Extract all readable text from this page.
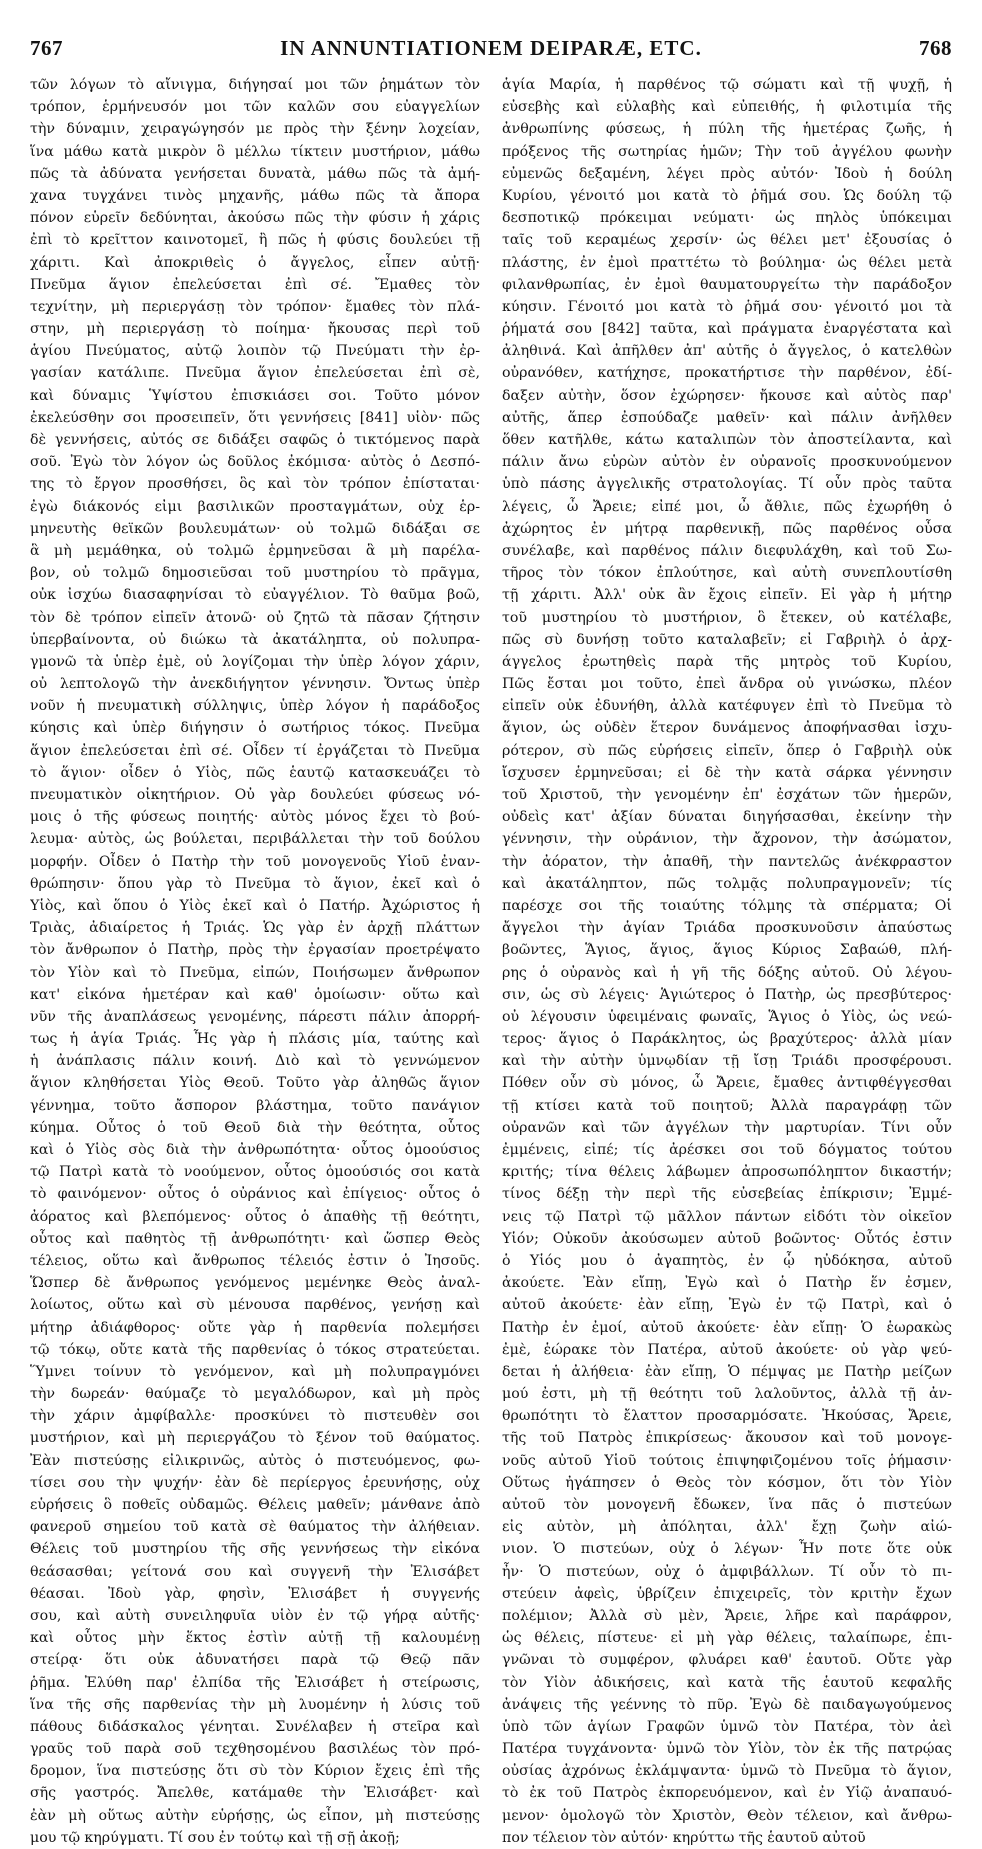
767	IN ANNUNTIATIONEM DEIPARÆ, ETC.	768
τῶν λόγων τὸ αἴνιγμα, διήγησαί μοι τῶν ῥημάτων τὸν
τρόπον, ἑρμήνευσόν μοι τῶν καλῶν σου εὐαγγελίων
τὴν δύναμιν, χειραγώγησόν με πρὸς τὴν ξένην λοχείαν,
ἵνα μάθω κατὰ μικρὸν ὃ μέλλω τίκτειν μυστήριον, μάθω
πῶς τὰ ἀδύνατα γενήσεται δυνατὰ, μάθω πῶς τὰ ἀμή-
χανα τυγχάνει τινὸς μηχανῆς, μάθω πῶς τὰ ἄπορα
πόνον εὑρεῖν δεδύνηται, ἀκούσω πῶς τὴν φύσιν ἡ χάρις
ἐπὶ τὸ κρεῖττον καινοτομεῖ, ἢ πῶς ἡ φύσις δουλεύει τῇ
χάριτι. Καὶ ἀποκριθεὶς ὁ ἄγγελος, εἶπεν αὐτῇ·
Πνεῦμα ἅγιον ἐπελεύσεται ἐπὶ σέ. Ἔμαθες τὸν
τεχνίτην, μὴ περιεργάσῃ τὸν τρόπον· ἔμαθες τὸν πλά-
στην, μὴ περιεργάσῃ τὸ ποίημα· ἤκουσας περὶ τοῦ
ἁγίου Πνεύματος, αὐτῷ λοιπὸν τῷ Πνεύματι τὴν ἐρ-
γασίαν κατάλιπε. Πνεῦμα ἅγιον ἐπελεύσεται ἐπὶ σὲ,
καὶ δύναμις Ὑψίστου ἐπισκιάσει σοι. Τοῦτο μόνον
ἐκελεύσθην σοι προσειπεῖν, ὅτι γεννήσεις [841] υἱὸν· πῶς
δὲ γεννήσεις, αὐτός σε διδάξει σαφῶς ὁ τικτόμενος παρὰ
σοῦ. Ἐγὼ τὸν λόγον ὡς δοῦλος ἐκόμισα· αὐτὸς ὁ Δεσπό-
της τὸ ἔργον προσθήσει, ὃς καὶ τὸν τρόπον ἐπίσταται·
ἐγὼ διάκονός εἰμι βασιλικῶν προσταγμάτων, οὐχ ἑρ-
μηνευτὴς θεϊκῶν βουλευμάτων· οὐ τολμῶ διδάξαι σε
ἃ μὴ μεμάθηκα, οὐ τολμῶ ἑρμηνεῦσαι ἃ μὴ παρέλα-
βον, οὐ τολμῶ δημοσιεῦσαι τοῦ μυστηρίου τὸ πρᾶγμα,
οὐκ ἰσχύω διασαφηνίσαι τὸ εὐαγγέλιον. Τὸ θαῦμα βοῶ,
τὸν δὲ τρόπον εἰπεῖν ἀτονῶ· οὐ ζητῶ τὰ πᾶσαν ζήτησιν
ὑπερβαίνοντα, οὐ διώκω τὰ ἀκατάληπτα, οὐ πολυπρα-
γμονῶ τὰ ὑπὲρ ἐμὲ, οὐ λογίζομαι τὴν ὑπὲρ λόγον χάριν,
οὐ λεπτολογῶ τὴν ἀνεκδιήγητον γέννησιν. Ὄντως ὑπὲρ
νοῦν ἡ πνευματικὴ σύλληψις, ὑπὲρ λόγον ἡ παράδοξος
κύησις καὶ ὑπὲρ διήγησιν ὁ σωτήριος τόκος. Πνεῦμα
ἅγιον ἐπελεύσεται ἐπὶ σέ. Οἶδεν τί ἐργάζεται τὸ Πνεῦμα
τὸ ἅγιον· οἶδεν ὁ Υἱὸς, πῶς ἑαυτῷ κατασκευάζει τὸ
πνευματικὸν οἰκητήριον. Οὐ γὰρ δουλεύει φύσεως νό-
μοις ὁ τῆς φύσεως ποιητής· αὐτὸς μόνος ἔχει τὸ βού-
λευμα· αὐτὸς, ὡς βούλεται, περιβάλλεται τὴν τοῦ δούλου
μορφήν. Οἶδεν ὁ Πατὴρ τὴν τοῦ μονογενοῦς Υἱοῦ ἐναν-
θρώπησιν· ὅπου γὰρ τὸ Πνεῦμα τὸ ἅγιον, ἐκεῖ καὶ ὁ
Υἱὸς, καὶ ὅπου ὁ Υἱὸς ἐκεῖ καὶ ὁ Πατήρ. Ἀχώριστος ἡ
Τριὰς, ἀδιαίρετος ἡ Τριάς. Ὡς γὰρ ἐν ἀρχῇ πλάττων
τὸν ἄνθρωπον ὁ Πατὴρ, πρὸς τὴν ἐργασίαν προετρέψατο
τὸν Υἱὸν καὶ τὸ Πνεῦμα, εἰπών, Ποιήσωμεν ἄνθρωπον
κατ' εἰκόνα ἡμετέραν καὶ καθ' ὁμοίωσιν· οὕτω καὶ
νῦν τῆς ἀναπλάσεως γενομένης, πάρεστι πάλιν ἀπορρή-
τως ἡ ἁγία Τριάς. Ἧς γὰρ ἡ πλάσις μία, ταύτης καὶ
ἡ ἀνάπλασις πάλιν κοινή. Διὸ καὶ τὸ γεννώμενον
ἅγιον κληθήσεται Υἱὸς Θεοῦ. Τοῦτο γὰρ ἀληθῶς ἅγιον
γέννημα, τοῦτο ἄσπορον βλάστημα, τοῦτο πανάγιον
κύημα. Οὗτος ὁ τοῦ Θεοῦ διὰ τὴν θεότητα, οὗτος
καὶ ὁ Υἱὸς σὸς διὰ τὴν ἀνθρωπότητα· οὗτος ὁμοούσιος
τῷ Πατρὶ κατὰ τὸ νοούμενον, οὗτος ὁμοούσιός σοι κατὰ
τὸ φαινόμενον· οὗτος ὁ οὐράνιος καὶ ἐπίγειος· οὗτος ὁ
ἀόρατος καὶ βλεπόμενος· οὗτος ὁ ἀπαθὴς τῇ θεότητι,
οὗτος καὶ παθητὸς τῇ ἀνθρωπότητι· καὶ ὥσπερ Θεὸς
τέλειος, οὕτω καὶ ἄνθρωπος τέλειός ἐστιν ὁ Ἰησοῦς.
Ὥσπερ δὲ ἄνθρωπος γενόμενος μεμένηκε Θεὸς ἀναλ-
λοίωτος, οὕτω καὶ σὺ μένουσα παρθένος, γενήσῃ καὶ
μήτηρ ἀδιάφθορος· οὔτε γὰρ ἡ παρθενία πολεμήσει
τῷ τόκῳ, οὔτε κατὰ τῆς παρθενίας ὁ τόκος στρατεύεται.
Ὕμνει τοίνυν τὸ γενόμενον, καὶ μὴ πολυπραγμόνει
τὴν δωρεάν· θαύμαζε τὸ μεγαλόδωρον, καὶ μὴ πρὸς
τὴν χάριν ἀμφίβαλλε· προσκύνει τὸ πιστευθὲν σοι
μυστήριον, καὶ μὴ περιεργάζου τὸ ξένον τοῦ θαύματος.
Ἐὰν πιστεύσῃς εἰλικρινῶς, αὐτὸς ὁ πιστευόμενος, φω-
τίσει σου τὴν ψυχήν· ἐὰν δὲ περίεργος ἐρευνήσῃς, οὐχ
εὑρήσεις ὃ ποθεῖς οὐδαμῶς. Θέλεις μαθεῖν; μάνθανε ἀπὸ
φανεροῦ σημείου τοῦ κατὰ σὲ θαύματος τὴν ἀλήθειαν.
Θέλεις τοῦ μυστηρίου τῆς σῆς γεννήσεως τὴν εἰκόνα
θεάσασθαι; γείτονά σου καὶ συγγενῆ τὴν Ἐλισάβετ
θέασαι. Ἰδοὺ γὰρ, φησὶν, Ἐλισάβετ ἡ συγγενής
σου, καὶ αὐτὴ συνειληφυῖα υἱὸν ἐν τῷ γήρᾳ αὐτῆς·
καὶ οὗτος μὴν ἕκτος ἐστὶν αὐτῇ τῇ καλουμένῃ
στείρᾳ· ὅτι οὐκ ἀδυνατήσει παρὰ τῷ Θεῷ πᾶν
ῥῆμα. Ἐλύθη παρ' ἐλπίδα τῆς Ἐλισάβετ ἡ στείρωσις,
ἵνα τῆς σῆς παρθενίας τὴν μὴ λυομένην ἡ λύσις τοῦ
πάθους διδάσκαλος γένηται. Συνέλαβεν ἡ στεῖρα καὶ
γραῦς τοῦ παρὰ σοῦ τεχθησομένου βασιλέως τὸν πρό-
δρομον, ἵνα πιστεύσῃς ὅτι σὺ τὸν Κύριον ἔχεις ἐπὶ τῆς
σῆς γαστρός. Ἄπελθε, κατάμαθε τὴν Ἐλισάβετ· καὶ
ἐὰν μὴ οὕτως αὐτὴν εὑρήσῃς, ὡς εἶπον, μὴ πιστεύσῃς
μου τῷ κηρύγματι. Τί σου ἐν τούτῳ καὶ τῇ σῇ ἀκοῇ;
ἁγία Μαρία, ἡ παρθένος τῷ σώματι καὶ τῇ ψυχῇ, ἡ
εὐσεβὴς καὶ εὐλαβὴς καὶ εὐπειθής, ἡ φιλοτιμία τῆς
ἀνθρωπίνης φύσεως, ἡ πύλη τῆς ἡμετέρας ζωῆς, ἡ
πρόξενος τῆς σωτηρίας ἡμῶν; Τὴν τοῦ ἀγγέλου φωνὴν
εὐμενῶς δεξαμένη, λέγει πρὸς αὐτόν· Ἰδοὺ ἡ δούλη
Κυρίου, γένοιτό μοι κατὰ τὸ ῥῆμά σου. Ὡς δούλη τῷ
δεσποτικῷ πρόκειμαι νεύματι· ὡς πηλὸς ὑπόκειμαι
ταῖς τοῦ κεραμέως χερσίν· ὡς θέλει μετ' ἐξουσίας ὁ
πλάστης, ἐν ἐμοὶ πραττέτω τὸ βούλημα· ὡς θέλει μετὰ
φιλανθρωπίας, ἐν ἐμοὶ θαυματουργείτω τὴν παράδοξον
κύησιν. Γένοιτό μοι κατὰ τὸ ῥῆμά σου· γένοιτό μοι τὰ
ῥήματά σου [842] ταῦτα, καὶ πράγματα ἐναργέστατα καὶ
ἀληθινά. Καὶ ἀπῆλθεν ἀπ' αὐτῆς ὁ ἄγγελος, ὁ κατελθὼν
οὐρανόθεν, κατήχησε, προκατήρτισε τὴν παρθένον, ἐδί-
δαξεν αὐτὴν, ὅσον ἐχώρησεν· ἤκουσε καὶ αὐτὸς παρ'
αὐτῆς, ἅπερ ἐσπούδαζε μαθεῖν· καὶ πάλιν ἀνῆλθεν
ὅθεν κατῆλθε, κάτω καταλιπὼν τὸν ἀποστείλαντα, καὶ
πάλιν ἄνω εὑρὼν αὐτὸν ἐν οὐρανοῖς προσκυνούμενον
ὑπὸ πάσης ἀγγελικῆς στρατολογίας. Τί οὖν πρὸς ταῦτα
λέγεις, ὦ Ἄρειε; εἰπέ μοι, ὦ ἄθλιε, πῶς ἐχωρήθη ὁ
ἀχώρητος ἐν μήτρᾳ παρθενικῇ, πῶς παρθένος οὖσα
συνέλαβε, καὶ παρθένος πάλιν διεφυλάχθη, καὶ τοῦ Σω-
τῆρος τὸν τόκον ἐπλούτησε, καὶ αὐτὴ συνεπλουτίσθη
τῇ χάριτι. Ἀλλ' οὐκ ἂν ἔχοις εἰπεῖν. Εἰ γὰρ ἡ μήτηρ
τοῦ μυστηρίου τὸ μυστήριον, ὃ ἔτεκεν, οὐ κατέλαβε,
πῶς σὺ δυνήσῃ τοῦτο καταλαβεῖν; εἰ Γαβριὴλ ὁ ἀρχ-
άγγελος ἐρωτηθεὶς παρὰ τῆς μητρὸς τοῦ Κυρίου,
Πῶς ἔσται μοι τοῦτο, ἐπεὶ ἄνδρα οὐ γινώσκω, πλέον
εἰπεῖν οὐκ ἐδυνήθη, ἀλλὰ κατέφυγεν ἐπὶ τὸ Πνεῦμα τὸ
ἅγιον, ὡς οὐδὲν ἕτερον δυνάμενος ἀποφήνασθαι ἰσχυ-
ρότερον, σὺ πῶς εὑρήσεις εἰπεῖν, ὅπερ ὁ Γαβριὴλ οὐκ
ἴσχυσεν ἑρμηνεῦσαι; εἰ δὲ τὴν κατὰ σάρκα γέννησιν
τοῦ Χριστοῦ, τὴν γενομένην ἐπ' ἐσχάτων τῶν ἡμερῶν,
οὐδεὶς κατ' ἀξίαν δύναται διηγήσασθαι, ἐκείνην τὴν
γέννησιν, τὴν οὐράνιον, τὴν ἄχρονον, τὴν ἀσώματον,
τὴν ἀόρατον, τὴν ἀπαθῆ, τὴν παντελῶς ἀνέκφραστον
καὶ ἀκατάληπτον, πῶς τολμᾷς πολυπραγμονεῖν; τίς
παρέσχε σοι τῆς τοιαύτης τόλμης τὰ σπέρματα; Οἱ
ἄγγελοι τὴν ἁγίαν Τριάδα προσκυνοῦσιν ἀπαύστως
βοῶντες, Ἅγιος, ἅγιος, ἅγιος Κύριος Σαβαώθ, πλή-
ρης ὁ οὐρανὸς καὶ ἡ γῆ τῆς δόξης αὐτοῦ. Οὐ λέγου-
σιν, ὡς σὺ λέγεις· Ἁγιώτερος ὁ Πατὴρ, ὡς πρεσβύτερος·
οὐ λέγουσιν ὑφειμέναις φωναῖς, Ἅγιος ὁ Υἱὸς, ὡς νεώ-
τερος· ἅγιος ὁ Παράκλητος, ὡς βραχύτερος· ἀλλὰ μίαν
καὶ τὴν αὐτὴν ὑμνῳδίαν τῇ ἴσῃ Τριάδι προσφέρουσι.
Πόθεν οὖν σὺ μόνος, ὦ Ἄρειε, ἔμαθες ἀντιφθέγγεσθαι
τῇ κτίσει κατὰ τοῦ ποιητοῦ; Ἀλλὰ παραγράφῃ τῶν
οὐρανῶν καὶ τῶν ἀγγέλων τὴν μαρτυρίαν. Τίνι οὖν
ἐμμένεις, εἰπέ; τίς ἀρέσκει σοι τοῦ δόγματος τούτου
κριτής; τίνα θέλεις λάβωμεν ἀπροσωπόληπτον δικαστήν;
τίνος δέξῃ τὴν περὶ τῆς εὐσεβείας ἐπίκρισιν; Ἐμμέ-
νεις τῷ Πατρὶ τῷ μᾶλλον πάντων εἰδότι τὸν οἰκεῖον
Υἱόν; Οὐκοῦν ἀκούσωμεν αὐτοῦ βοῶντος· Οὗτός ἐστιν
ὁ Υἱός μου ὁ ἀγαπητὸς, ἐν ᾧ ηὐδόκησα, αὐτοῦ
ἀκούετε. Ἐὰν εἴπῃ, Ἐγὼ καὶ ὁ Πατὴρ ἕν ἐσμεν,
αὐτοῦ ἀκούετε· ἐὰν εἴπῃ, Ἐγὼ ἐν τῷ Πατρὶ, καὶ ὁ
Πατὴρ ἐν ἐμοί, αὐτοῦ ἀκούετε· ἐὰν εἴπῃ· Ὁ ἑωρακὼς
ἐμὲ, ἑώρακε τὸν Πατέρα, αὐτοῦ ἀκούετε· οὐ γὰρ ψεύ-
δεται ἡ ἀλήθεια· ἐὰν εἴπῃ, Ὁ πέμψας με Πατὴρ μείζων
μού ἐστι, μὴ τῇ θεότητι τοῦ λαλοῦντος, ἀλλὰ τῇ ἀν-
θρωπότητι τὸ ἔλαττον προσαρμόσατε. Ἠκούσας, Ἄρειε,
τῆς τοῦ Πατρὸς ἐπικρίσεως· ἄκουσον καὶ τοῦ μονογε-
νοῦς αὐτοῦ Υἱοῦ τούτοις ἐπιψηφιζομένου τοῖς ῥήμασιν·
Οὕτως ἠγάπησεν ὁ Θεὸς τὸν κόσμον, ὅτι τὸν Υἱὸν
αὐτοῦ τὸν μονογενῆ ἔδωκεν, ἵνα πᾶς ὁ πιστεύων
εἰς αὐτὸν, μὴ ἀπόληται, ἀλλ' ἔχῃ ζωὴν αἰώ-
νιον. Ὁ πιστεύων, οὐχ ὁ λέγων· Ἦν ποτε ὅτε οὐκ
ἦν· Ὁ πιστεύων, οὐχ ὁ ἀμφιβάλλων. Τί οὖν τὸ πι-
στεύειν ἀφεὶς, ὑβρίζειν ἐπιχειρεῖς, τὸν κριτὴν ἔχων
πολέμιον; Ἀλλὰ σὺ μὲν, Ἄρειε, λῆρε καὶ παράφρον,
ὡς θέλεις, πίστευε· εἰ μὴ γὰρ θέλεις, ταλαίπωρε, ἐπι-
γνῶναι τὸ συμφέρον, φλυάρει καθ' ἑαυτοῦ. Οὔτε γὰρ
τὸν Υἱὸν ἀδικήσεις, καὶ κατὰ τῆς ἑαυτοῦ κεφαλῆς
ἀνάψεις τῆς γεέννης τὸ πῦρ. Ἐγὼ δὲ παιδαγωγούμενος
ὑπὸ τῶν ἁγίων Γραφῶν ὑμνῶ τὸν Πατέρα, τὸν ἀεὶ
Πατέρα τυγχάνοντα· ὑμνῶ τὸν Υἱὸν, τὸν ἐκ τῆς πατρῴας
οὐσίας ἀχρόνως ἐκλάμψαντα· ὑμνῶ τὸ Πνεῦμα τὸ ἅγιον,
τὸ ἐκ τοῦ Πατρὸς ἐκπορευόμενον, καὶ ἐν Υἱῷ ἀναπαυό-
μενον· ὁμολογῶ τὸν Χριστὸν, Θεὸν τέλειον, καὶ ἄνθρω-
πον τέλειον τὸν αὐτόν· κηρύττω τῆς ἑαυτοῦ αὐτοῦ
